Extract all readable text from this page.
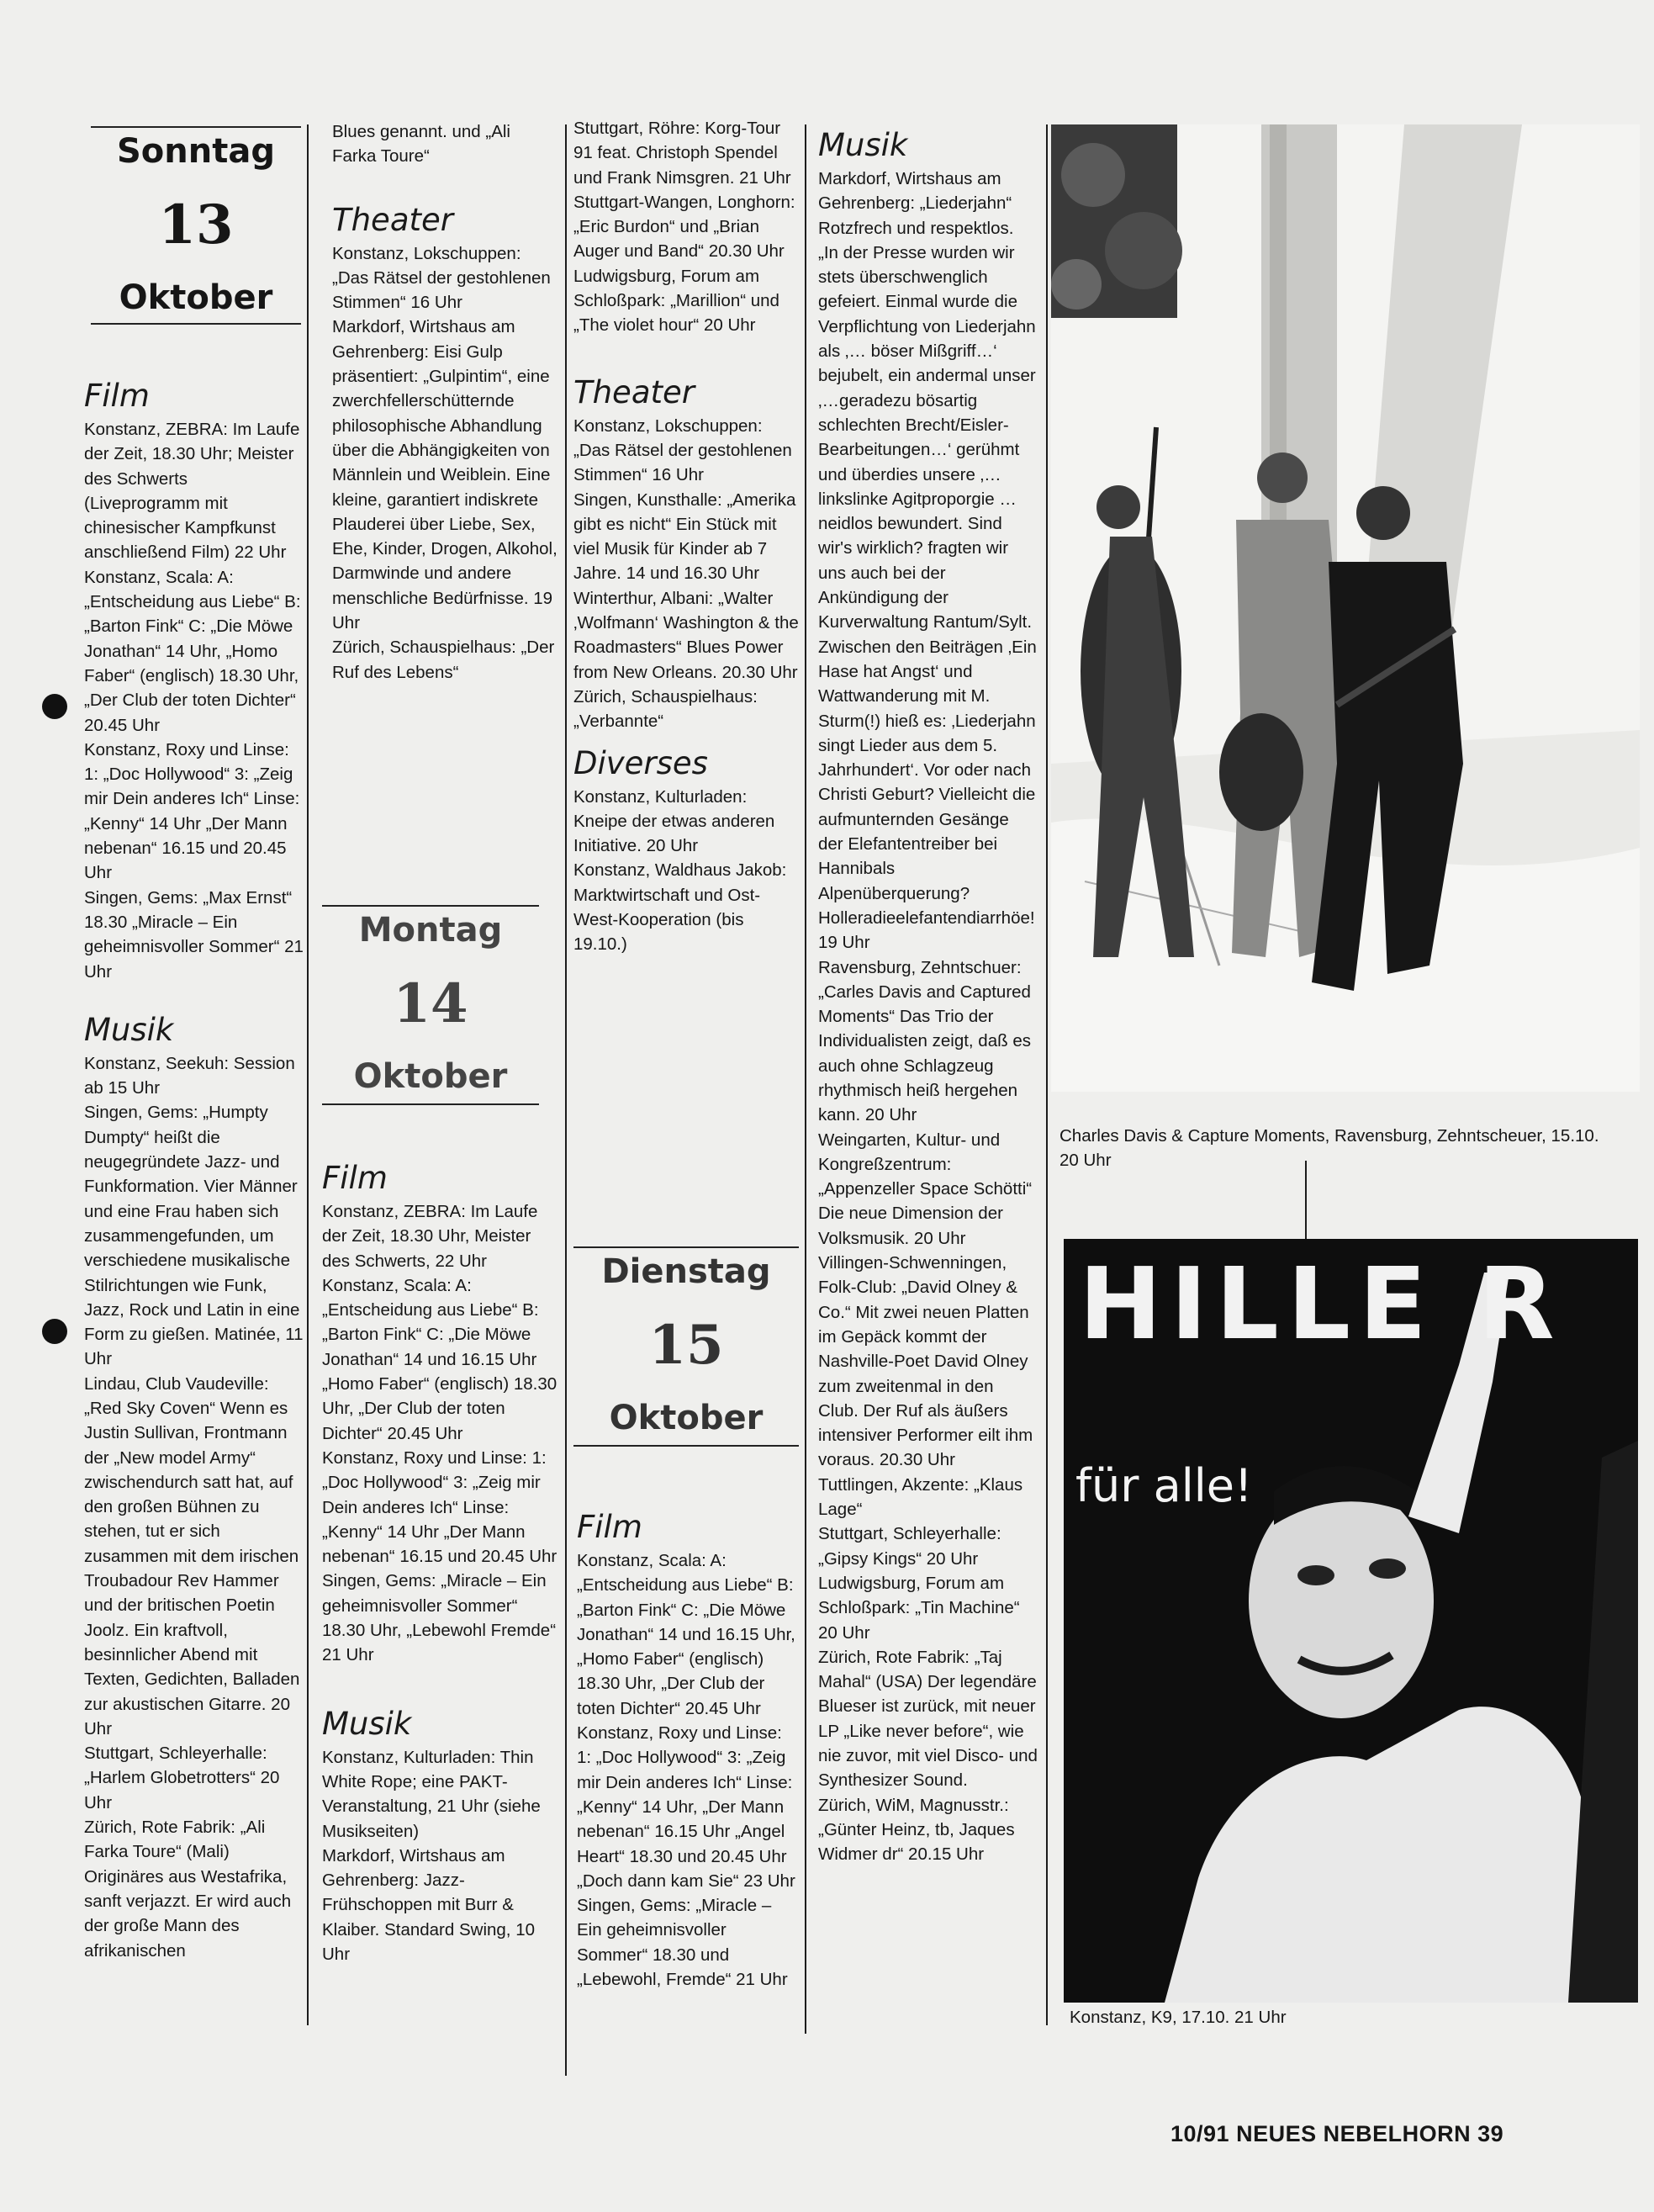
Sonntag
13
Oktober
Film

Konstanz, ZEBRA: Im Laufe der Zeit, 18.30 Uhr; Meister des Schwerts (Liveprogramm mit chinesischer Kampfkunst anschließend Film) 22 Uhr

Konstanz, Scala: A: „Entscheidung aus Liebe“ B: „Barton Fink“ C: „Die Möwe Jonathan“ 14 Uhr, „Homo Faber“ (englisch) 18.30 Uhr, „Der Club der toten Dichter“ 20.45 Uhr

Konstanz, Roxy und Linse: 1: „Doc Hollywood“ 3: „Zeig mir Dein anderes Ich“ Linse: „Kenny“ 14 Uhr „Der Mann nebenan“ 16.15 und 20.45 Uhr

Singen, Gems: „Max Ernst“ 18.30 „Miracle – Ein geheimnisvoller Sommer“ 21 Uhr

Musik

Konstanz, Seekuh: Session ab 15 Uhr

Singen, Gems: „Humpty Dumpty“ heißt die neugegründete Jazz- und Funkformation. Vier Männer und eine Frau haben sich zusammengefunden, um verschiedene musikalische Stilrichtungen wie Funk, Jazz, Rock und Latin in eine Form zu gießen. Matinée, 11 Uhr

Lindau, Club Vaudeville: „Red Sky Coven“ Wenn es Justin Sullivan, Frontmann der „New model Army“ zwischendurch satt hat, auf den großen Bühnen zu stehen, tut er sich zusammen mit dem irischen Troubadour Rev Hammer und der britischen Poetin Joolz. Ein kraftvoll, besinnlicher Abend mit Texten, Gedichten, Balladen zur akustischen Gitarre. 20 Uhr

Stuttgart, Schleyerhalle: „Harlem Globetrotters“ 20 Uhr

Zürich, Rote Fabrik: „Ali Farka Toure“ (Mali) Originäres aus Westafrika, sanft verjazzt. Er wird auch der große Mann des afrikanischen

Blues genannt. und „Ali Farka Toure“

Theater

Konstanz, Lokschuppen: „Das Rätsel der gestohlenen Stimmen“ 16 Uhr

Markdorf, Wirtshaus am Gehrenberg: Eisi Gulp präsentiert: „Gulpintim“, eine zwerchfellerschütternde philosophische Abhandlung über die Abhängigkeiten von Männlein und Weiblein. Eine kleine, garantiert indiskrete Plauderei über Liebe, Sex, Ehe, Kinder, Drogen, Alkohol, Darmwinde und andere menschliche Bedürfnisse. 19 Uhr

Zürich, Schauspielhaus: „Der Ruf des Lebens“

Montag
14
Oktober
Film

Konstanz, ZEBRA: Im Laufe der Zeit, 18.30 Uhr, Meister des Schwerts, 22 Uhr

Konstanz, Scala: A: „Entscheidung aus Liebe“ B: „Barton Fink“ C: „Die Möwe Jonathan“ 14 und 16.15 Uhr „Homo Faber“ (englisch) 18.30 Uhr, „Der Club der toten Dichter“ 20.45 Uhr

Konstanz, Roxy und Linse: 1: „Doc Hollywood“ 3: „Zeig mir Dein anderes Ich“ Linse: „Kenny“ 14 Uhr „Der Mann nebenan“ 16.15 und 20.45 Uhr

Singen, Gems: „Miracle – Ein geheimnisvoller Sommer“ 18.30 Uhr, „Lebewohl Fremde“ 21 Uhr

Musik

Konstanz, Kulturladen: Thin White Rope; eine PAKT-Veranstaltung, 21 Uhr (siehe Musikseiten)

Markdorf, Wirtshaus am Gehrenberg: Jazz-Frühschoppen mit Burr & Klaiber. Standard Swing, 10 Uhr

Stuttgart, Röhre: Korg-Tour 91 feat. Christoph Spendel und Frank Nimsgren. 21 Uhr

Stuttgart-Wangen, Longhorn: „Eric Burdon“ und „Brian Auger und Band“ 20.30 Uhr

Ludwigsburg, Forum am Schloßpark: „Marillion“ und „The violet hour“ 20 Uhr

Theater

Konstanz, Lokschuppen: „Das Rätsel der gestohlenen Stimmen“ 16 Uhr

Singen, Kunsthalle: „Amerika gibt es nicht“ Ein Stück mit viel Musik für Kinder ab 7 Jahre. 14 und 16.30 Uhr

Winterthur, Albani: „Walter ‚Wolfmann‘ Washington & the Roadmasters“ Blues Power from New Orleans. 20.30 Uhr

Zürich, Schauspielhaus: „Verbannte“

Diverses

Konstanz, Kulturladen: Kneipe der etwas anderen Initiative. 20 Uhr

Konstanz, Waldhaus Jakob: Marktwirtschaft und Ost-West-Kooperation (bis 19.10.)

Dienstag
15
Oktober
Film

Konstanz, Scala: A: „Entscheidung aus Liebe“ B: „Barton Fink“ C: „Die Möwe Jonathan“ 14 und 16.15 Uhr, „Homo Faber“ (englisch) 18.30 Uhr, „Der Club der toten Dichter“ 20.45 Uhr

Konstanz, Roxy und Linse: 1: „Doc Hollywood“ 3: „Zeig mir Dein anderes Ich“ Linse: „Kenny“ 14 Uhr, „Der Mann nebenan“ 16.15 Uhr „Angel Heart“ 18.30 und 20.45 Uhr „Doch dann kam Sie“ 23 Uhr

Singen, Gems: „Miracle – Ein geheimnisvoller Sommer“ 18.30 und „Lebewohl, Fremde“ 21 Uhr

Musik

Markdorf, Wirtshaus am Gehrenberg: „Liederjahn“ Rotzfrech und respektlos. „In der Presse wurden wir stets überschwenglich gefeiert. Einmal wurde die Verpflichtung von Liederjahn als ‚… böser Mißgriff…‘ bejubelt, ein andermal unser ‚…geradezu bösartig schlechten Brecht/Eisler-Bearbeitungen…‘ gerühmt und überdies unsere ‚…linkslinke Agitproporgie … neidlos bewundert. Sind wir's wirklich? fragten wir uns auch bei der Ankündigung der Kurverwaltung Rantum/Sylt. Zwischen den Beiträgen ‚Ein Hase hat Angst‘ und Wattwanderung mit M. Sturm(!) hieß es: ‚Liederjahn singt Lieder aus dem 5. Jahrhundert‘. Vor oder nach Christi Geburt? Vielleicht die aufmunternden Gesänge der Elefantentreiber bei Hannibals Alpenüberquerung? Holleradieelefantendiarrhöe! 19 Uhr

Ravensburg, Zehntschuer: „Carles Davis and Captured Moments“ Das Trio der Individualisten zeigt, daß es auch ohne Schlagzeug rhythmisch heiß hergehen kann. 20 Uhr

Weingarten, Kultur- und Kongreßzentrum: „Appenzeller Space Schötti“ Die neue Dimension der Volksmusik. 20 Uhr

Villingen-Schwenningen, Folk-Club: „David Olney & Co.“ Mit zwei neuen Platten im Gepäck kommt der Nashville-Poet David Olney zum zweitenmal in den Club. Der Ruf als äußers intensiver Performer eilt ihm voraus. 20.30 Uhr

Tuttlingen, Akzente: „Klaus Lage“

Stuttgart, Schleyerhalle: „Gipsy Kings“ 20 Uhr

Ludwigsburg, Forum am Schloßpark: „Tin Machine“ 20 Uhr

Zürich, Rote Fabrik: „Taj Mahal“ (USA) Der legendäre Blueser ist zurück, mit neuer LP „Like never before“, wie nie zuvor, mit viel Disco- und Synthesizer Sound.

Zürich, WiM, Magnusstr.: „Günter Heinz, tb, Jaques Widmer dr“ 20.15 Uhr

Charles Davis & Capture Moments, Ravensburg, Zehntscheuer, 15.10. 20 Uhr
HILLE R
für alle!
Konstanz, K9, 17.10. 21 Uhr
10/91 NEUES NEBELHORN 39
